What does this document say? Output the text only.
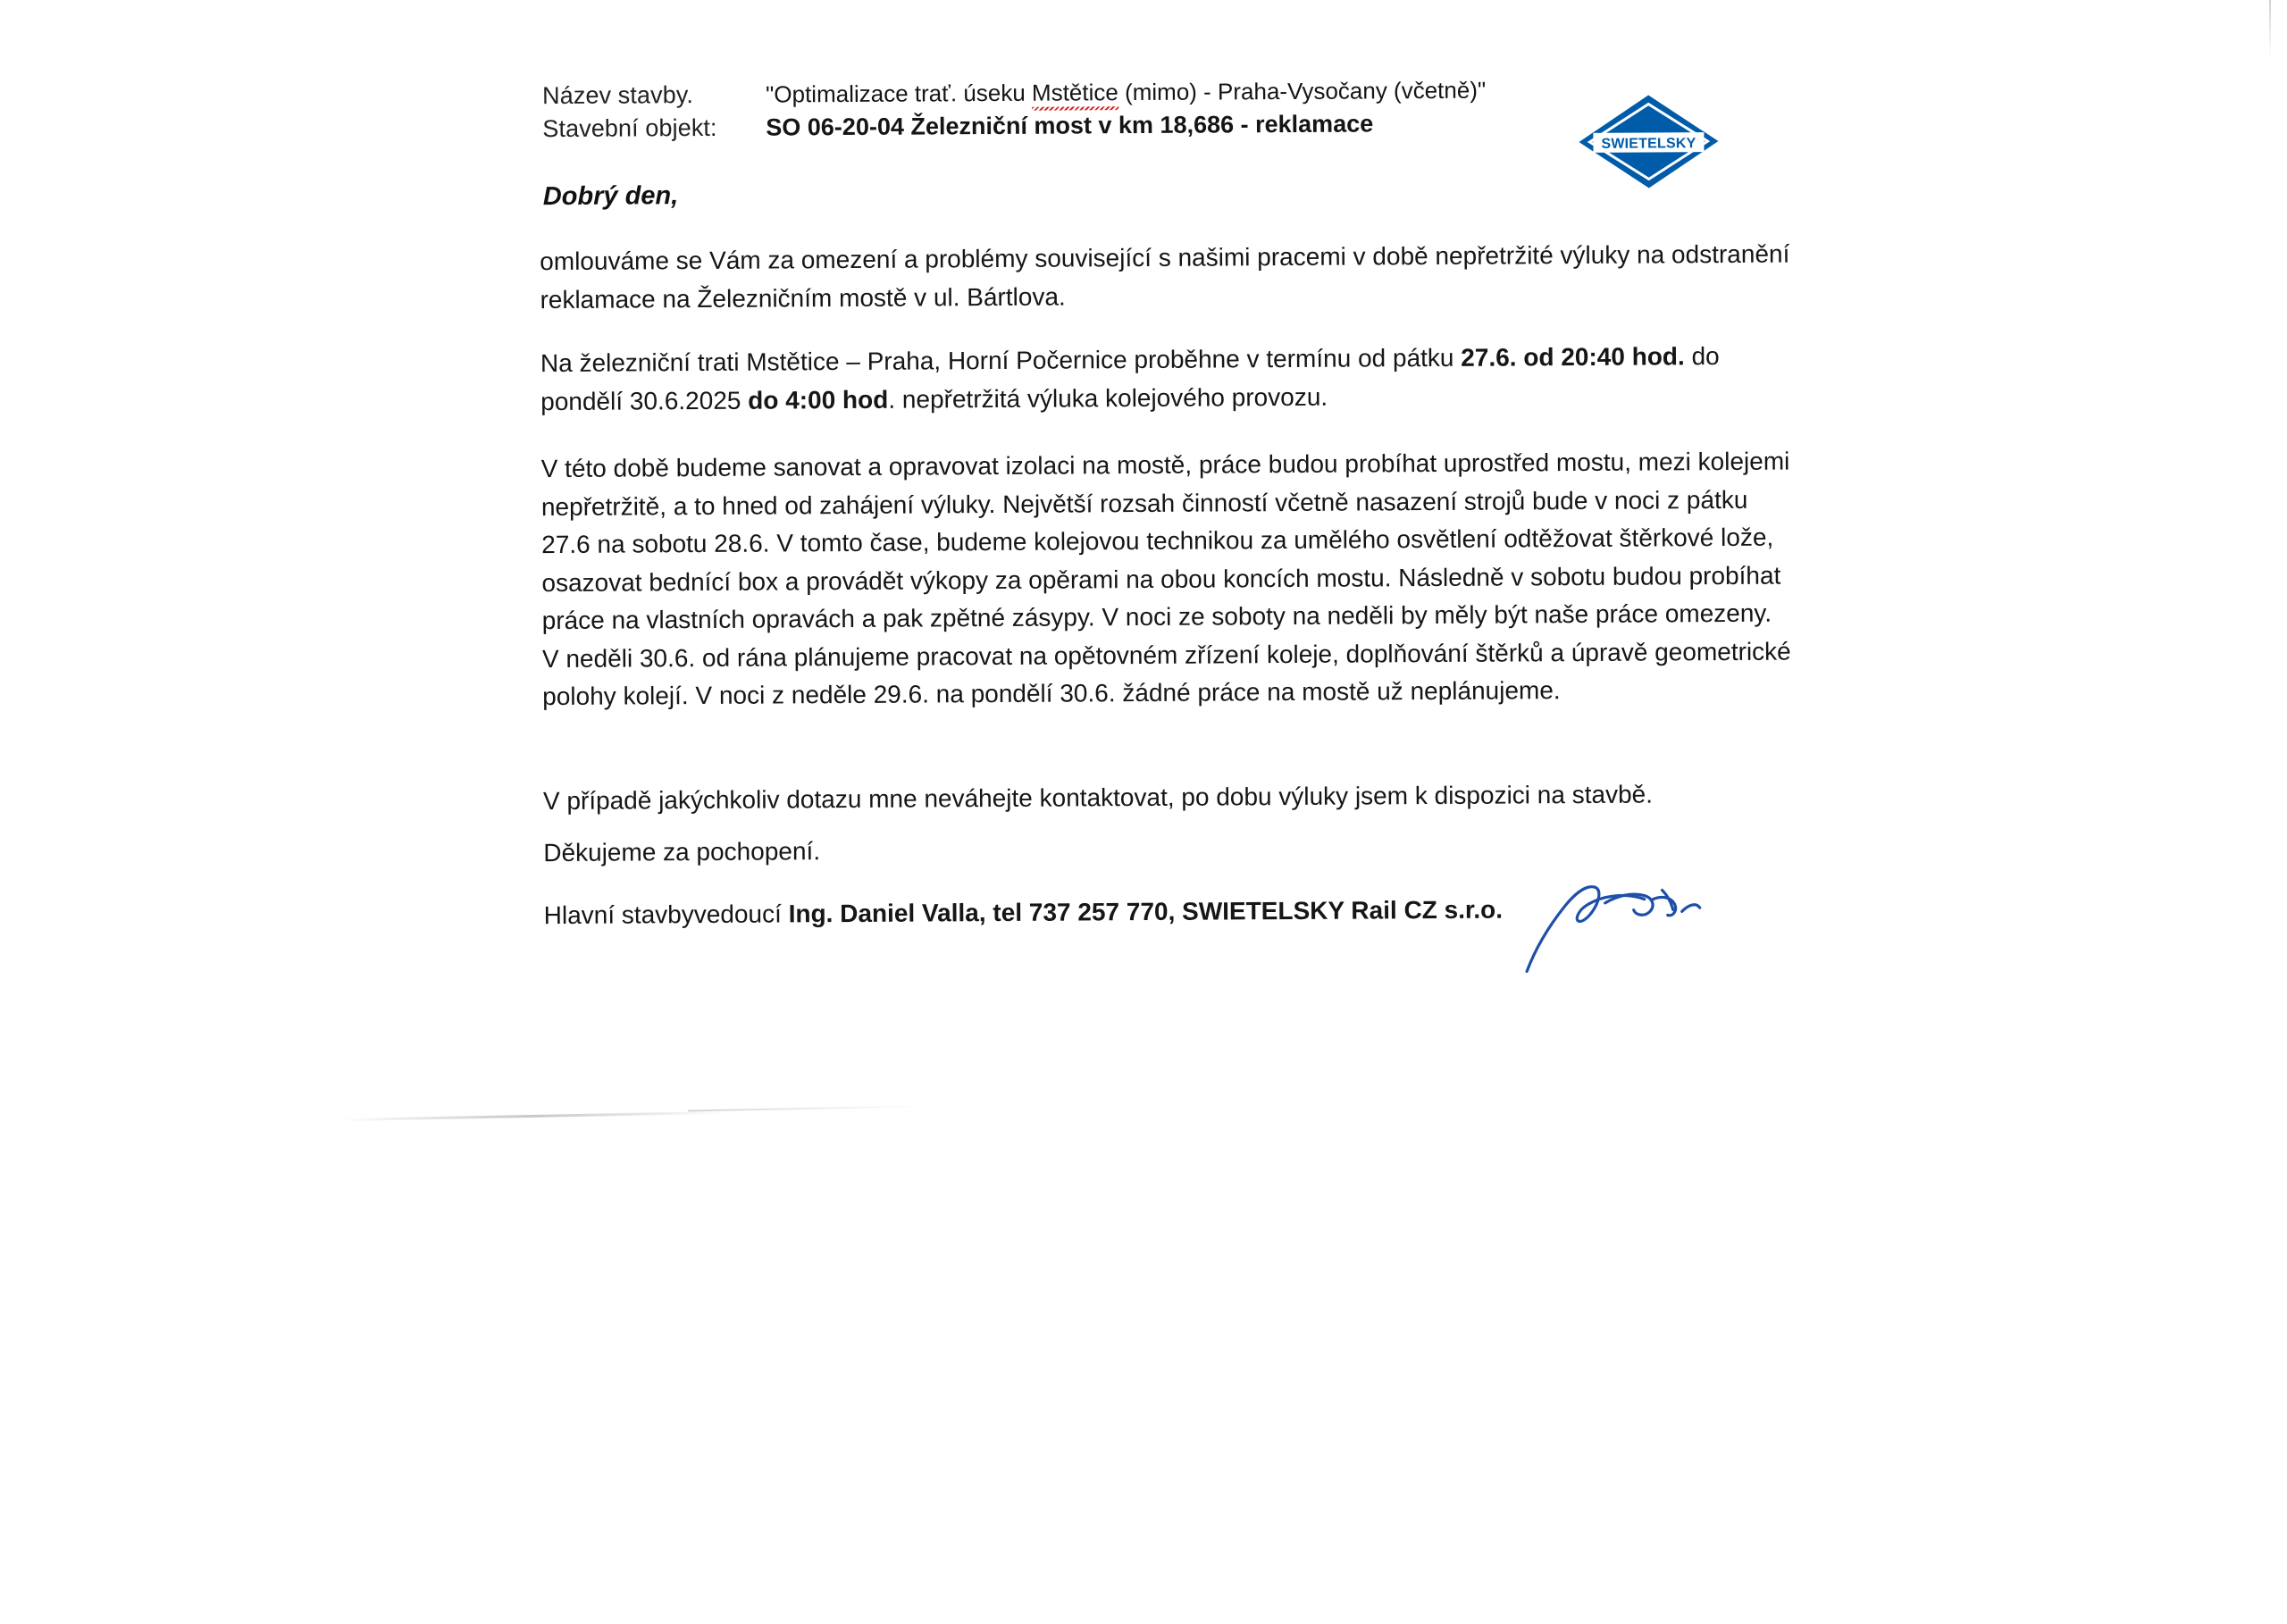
Název stavby.	"Optimalizace trať. úseku Mstětice (mimo) - Praha-Vysočany (včetně)"
Stavební objekt:	SO 06-20-04 Železniční most v km 18,686 - reklamace
SWIETELSKY
Dobrý den,
omlouváme se Vám za omezení a problémy související s našimi pracemi v době nepřetržité výluky na odstranění reklamace na Železničním mostě v ul. Bártlova.
Na železniční trati Mstětice – Praha, Horní Počernice proběhne v termínu od pátku 27.6. od 20:40 hod. do pondělí 30.6.2025 do 4:00 hod. nepřetržitá výluka kolejového provozu.
V této době budeme sanovat a opravovat izolaci na mostě, práce budou probíhat uprostřed mostu, mezi kolejemi nepřetržitě, a to hned od zahájení výluky. Největší rozsah činností včetně nasazení strojů bude v noci z pátku 27.6 na sobotu 28.6. V tomto čase, budeme kolejovou technikou za umělého osvětlení odtěžovat štěrkové lože, osazovat bednící box a provádět výkopy za opěrami na obou koncích mostu. Následně v sobotu budou probíhat práce na vlastních opravách a pak zpětné zásypy. V noci ze soboty na neděli by měly být naše práce omezeny. V neděli 30.6. od rána plánujeme pracovat na opětovném zřízení koleje, doplňování štěrků a úpravě geometrické polohy kolejí. V noci z neděle 29.6. na pondělí 30.6. žádné práce na mostě už neplánujeme.
V případě jakýchkoliv dotazu mne neváhejte kontaktovat, po dobu výluky jsem k dispozici na stavbě.
Děkujeme za pochopení.
Hlavní stavbyvedoucí Ing. Daniel Valla, tel 737 257 770, SWIETELSKY Rail CZ s.r.o.
